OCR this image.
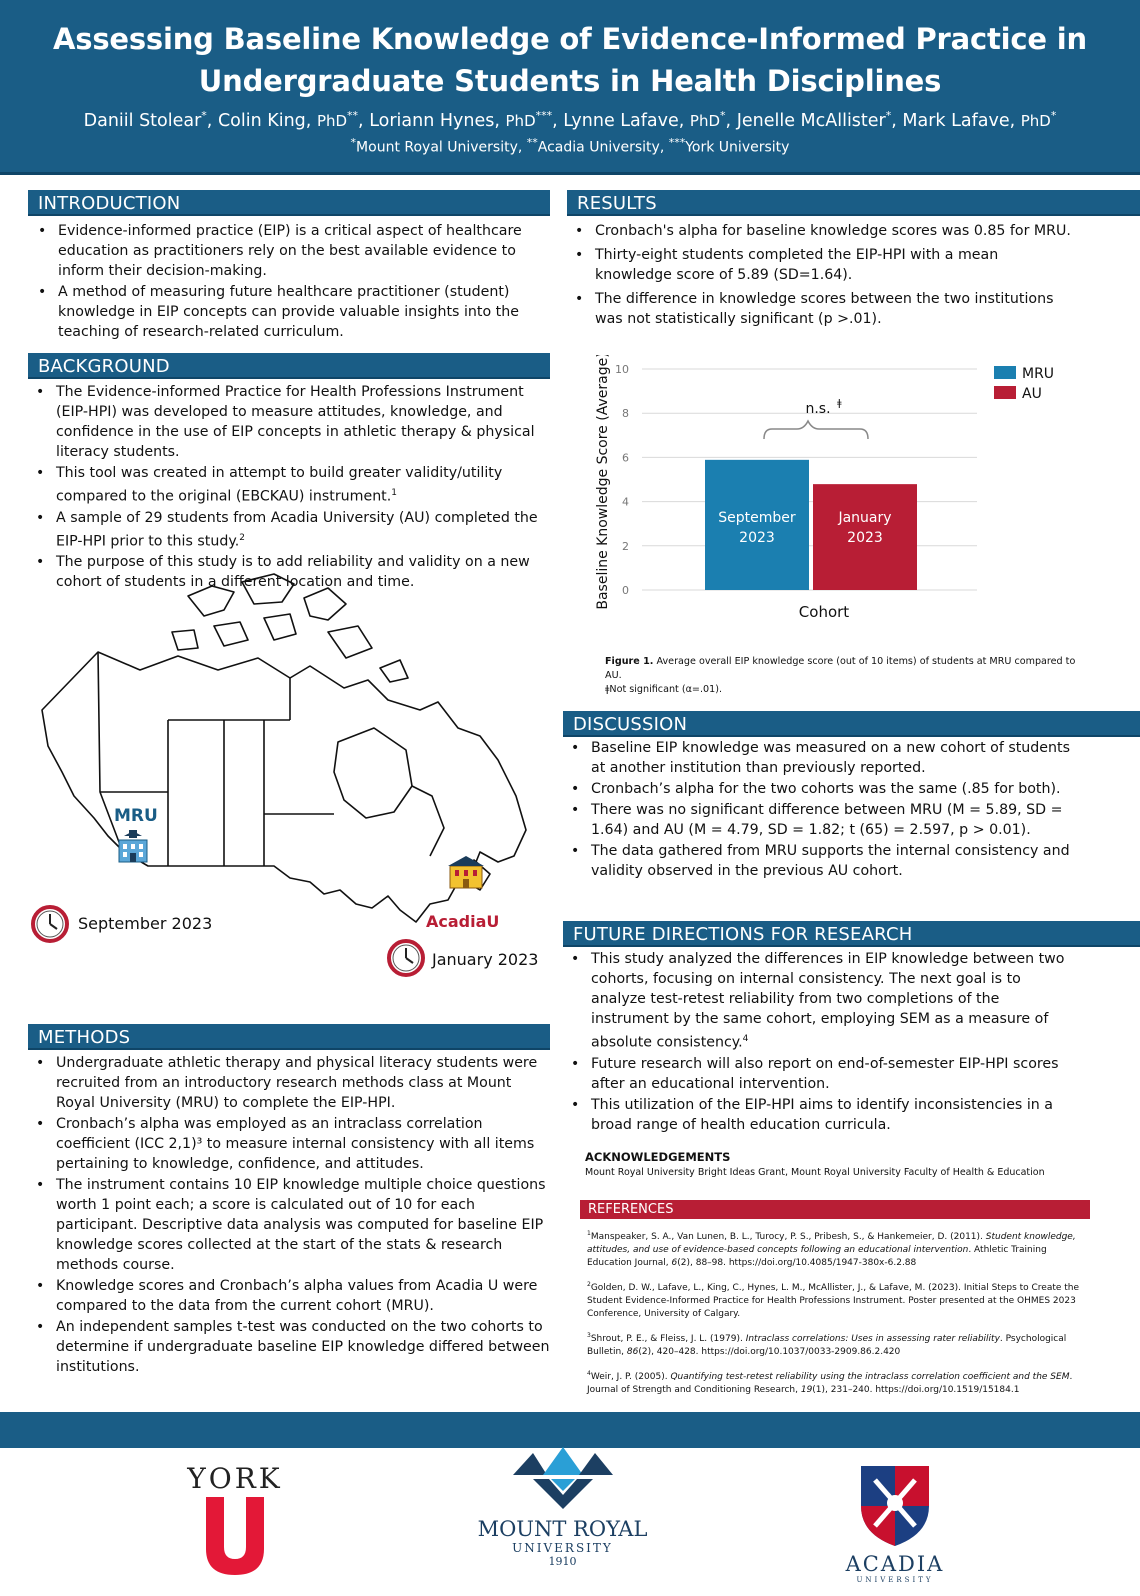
Assessing Baseline Knowledge of Evidence-Informed Practice in
Undergraduate Students in Health Disciplines
Daniil Stolear*, Colin King, PhD**, Loriann Hynes, PhD***, Lynne Lafave, PhD*, Jenelle McAllister*, Mark Lafave, PhD*
*Mount Royal University, **Acadia University, ***York University
INTRODUCTION
• Evidence-informed practice (EIP) is a critical aspect of healthcare education as practitioners rely on the best available evidence to inform their decision-making.
• A method of measuring future healthcare practitioner (student) knowledge in EIP concepts can provide valuable insights into the teaching of research-related curriculum.
BACKGROUND
• The Evidence-informed Practice for Health Professions Instrument (EIP-HPI) was developed to measure attitudes, knowledge, and confidence in the use of EIP concepts in athletic therapy & physical literacy students.
• This tool was created in attempt to build greater validity/utility compared to the original (EBCKAU) instrument.$^1$
• A sample of 29 students from Acadia University (AU) completed the EIP-HPI prior to this study.$^2$
• The purpose of this study is to add reliability and validity on a new cohort of students in a different location and time.
MRU
AcadiaU
September 2023
January 2023
METHODS
• Undergraduate athletic therapy and physical literacy students were recruited from an introductory research methods class at Mount Royal University (MRU) to complete the EIP-HPI.
• Cronbach’s alpha was employed as an intraclass correlation coefficient (ICC 2,1)³ to measure internal consistency with all items pertaining to knowledge, confidence, and attitudes.
• The instrument contains 10 EIP knowledge multiple choice questions worth 1 point each; a score is calculated out of 10 for each participant. Descriptive data analysis was computed for baseline EIP knowledge scores collected at the start of the stats & research methods course.
• Knowledge scores and Cronbach’s alpha values from Acadia U were compared to the data from the current cohort (MRU).
• An independent samples t-test was conducted on the two cohorts to determine if undergraduate baseline EIP knowledge differed between institutions.
RESULTS
• Cronbach's alpha for baseline knowledge scores was 0.85 for MRU.
• Thirty-eight students completed the EIP-HPI with a mean knowledge score of 5.89 (SD=1.64).
• The difference in knowledge scores between the two institutions was not statistically significant (p >.01).
Baseline Knowledge Score (Average) 0
2
4
6
8
10
September
2023
January
2023
Cohort
n.s. ǂ
MRU
AU
Figure 1. Average overall EIP knowledge score (out of 10 items) of students at MRU compared to AU.
ǂNot significant (α=.01).
DISCUSSION
• Baseline EIP knowledge was measured on a new cohort of students at another institution than previously reported.
• Cronbach’s alpha for the two cohorts was the same (.85 for both).
• There was no significant difference between MRU (M = 5.89, SD = 1.64) and AU (M = 4.79, SD = 1.82; t (65) = 2.597, p > 0.01).
• The data gathered from MRU supports the internal consistency and validity observed in the previous AU cohort.
FUTURE DIRECTIONS FOR RESEARCH
• This study analyzed the differences in EIP knowledge between two cohorts, focusing on internal consistency. The next goal is to analyze test-retest reliability from two completions of the instrument by the same cohort, employing SEM as a measure of absolute consistency.$^4$
• Future research will also report on end-of-semester EIP-HPI scores after an educational intervention.
• This utilization of the EIP-HPI aims to identify inconsistencies in a broad range of health education curricula.
ACKNOWLEDGEMENTS
Mount Royal University Bright Ideas Grant, Mount Royal University Faculty of Health & Education
REFERENCES
$^1$Manspeaker, S. A., Van Lunen, B. L., Turocy, P. S., Pribesh, S., & Hankemeier, D. (2011). Student knowledge, attitudes, and use of evidence-based concepts following an educational intervention. Athletic Training Education Journal, 6(2), 88–98. https://doi.org/10.4085/1947-380x-6.2.88
$^2$Golden, D. W., Lafave, L., King, C., Hynes, L. M., McAllister, J., & Lafave, M. (2023). Initial Steps to Create the Student Evidence-Informed Practice for Health Professions Instrument. Poster presented at the OHMES 2023 Conference, University of Calgary.
$^3$Shrout, P. E., & Fleiss, J. L. (1979). Intraclass correlations: Uses in assessing rater reliability. Psychological Bulletin, 86(2), 420–428. https://doi.org/10.1037/0033-2909.86.2.420
$^4$Weir, J. P. (2005). Quantifying test-retest reliability using the intraclass correlation coefficient and the SEM. Journal of Strength and Conditioning Research, 19(1), 231–240. https://doi.org/10.1519/15184.1
YORK
MOUNT ROYAL
UNIVERSITY
1910	ACADIA
UNIVERSITY
